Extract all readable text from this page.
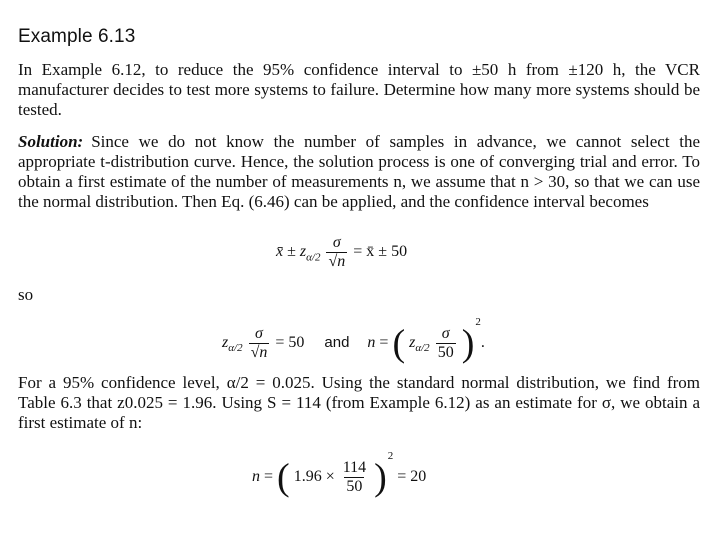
Example 6.13
In Example 6.12, to reduce the 95% confidence interval to ±50 h from ±120 h, the VCR manufacturer decides to test more systems to failure. Determine how many more systems should be tested.
Solution: Since we do not know the number of samples in advance, we cannot select the appropriate t-distribution curve. Hence, the solution process is one of converging trial and error. To obtain a first estimate of the number of measurements n, we assume that n > 30, so that we can use the normal distribution. Then Eq. (6.46) can be applied, and the confidence interval becomes
x̄ ± $z_{\alpha/2} \frac{\sigma}{√n}$ = x̄ ± 50
so
$z_{\alpha/2} \frac{\sigma}{√n} = 50$ and n = ( $z_{\alpha/2} \frac{\sigma}{50} )^2$.
For a 95% confidence level, α/2 = 0.025. Using the standard normal distribution, we find from Table 6.3 that z0.025 = 1.96. Using S = 114 (from Example 6.12) as an estimate for σ, we obtain a first estimate of n:
n = ( $1.96 \times \frac{114}{50} )^2 = 20$
